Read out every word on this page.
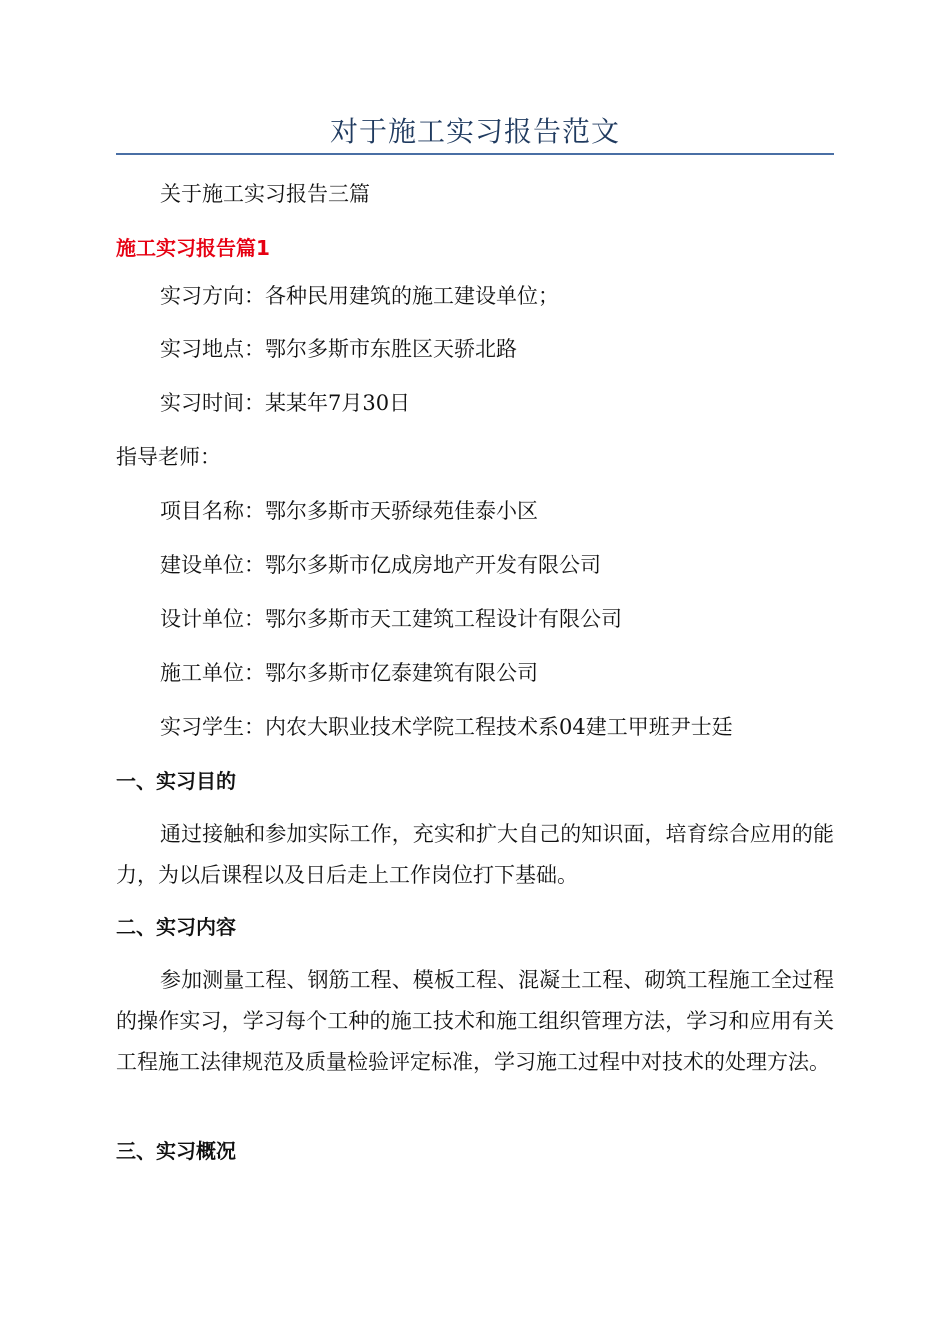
对于施工实习报告范文
关于施工实习报告三篇
施工实习报告篇1
实习方向：各种民用建筑的施工建设单位；
实习地点：鄂尔多斯市东胜区天骄北路
实习时间：某某年7月30日
指导老师：
项目名称：鄂尔多斯市天骄绿苑佳泰小区
建设单位：鄂尔多斯市亿成房地产开发有限公司
设计单位：鄂尔多斯市天工建筑工程设计有限公司
施工单位：鄂尔多斯市亿泰建筑有限公司
实习学生：内农大职业技术学院工程技术系04建工甲班尹士廷
一、实习目的
通过接触和参加实际工作，充实和扩大自己的知识面，培育综合应用的能力，为以后课程以及日后走上工作岗位打下基础。
二、实习内容
参加测量工程、钢筋工程、模板工程、混凝土工程、砌筑工程施工全过程的操作实习，学习每个工种的施工技术和施工组织管理方法，学习和应用有关工程施工法律规范及质量检验评定标准，学习施工过程中对技术的处理方法。
三、实习概况
